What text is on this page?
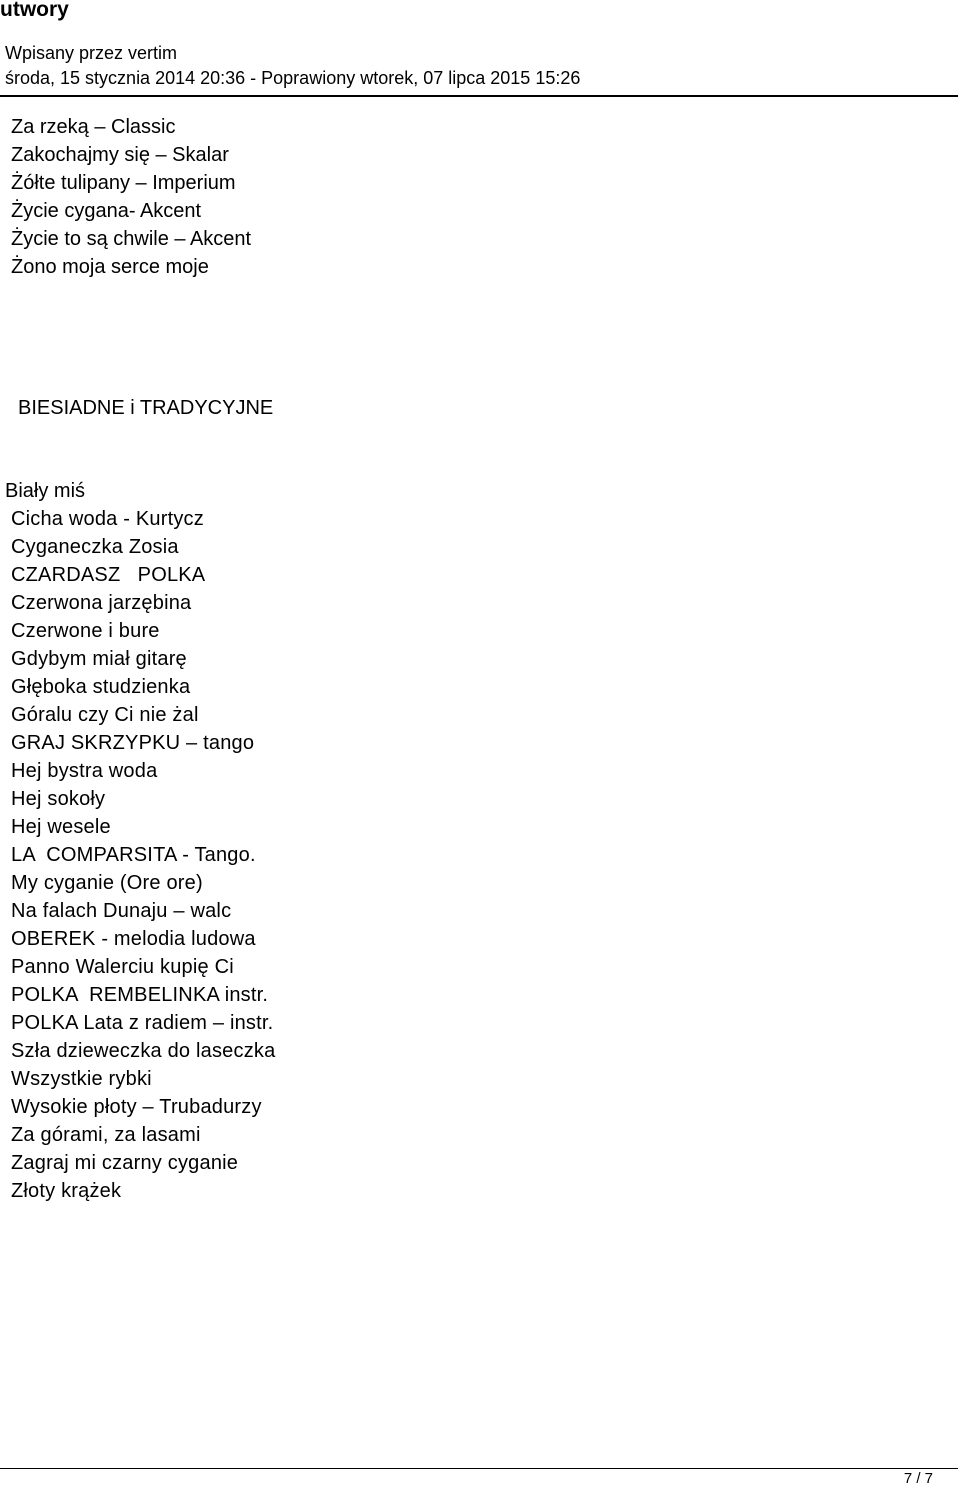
utwory
Wpisany przez vertim
środa, 15 stycznia 2014 20:36 - Poprawiony wtorek, 07 lipca 2015 15:26
Za rzeką – Classic
Zakochajmy się – Skalar
Żółte tulipany – Imperium
Życie cygana- Akcent
Życie to są chwile – Akcent
Żono moja serce moje
BIESIADNE i TRADYCYJNE
Biały miś
Cicha woda - Kurtycz
Cyganeczka Zosia
CZARDASZ   POLKA
Czerwona jarzębina
Czerwone i bure
Gdybym miał gitarę
Głęboka studzienka
Góralu czy Ci nie żal
GRAJ SKRZYPKU – tango
Hej bystra woda
Hej sokoły
Hej wesele
LA  COMPARSITA - Tango.
My cyganie (Ore ore)
Na falach Dunaju – walc
OBEREK - melodia ludowa
Panno Walerciu kupię Ci
POLKA  REMBELINKA instr.
POLKA Lata z radiem – instr.
Szła dzieweczka do laseczka
Wszystkie rybki
Wysokie płoty – Trubadurzy
Za górami, za lasami
Zagraj mi czarny cyganie
Złoty krążek
7 / 7
